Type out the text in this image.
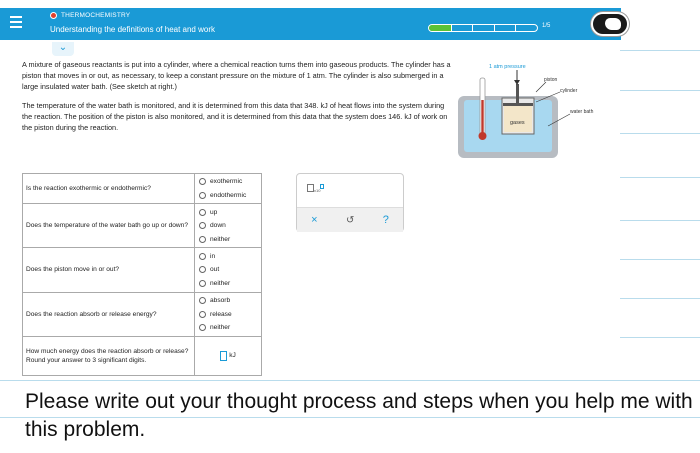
THERMOCHEMISTRY
Understanding the definitions of heat and work	1/5
⌄
A mixture of gaseous reactants is put into a cylinder, where a chemical reaction turns them into gaseous products. The cylinder has a piston that moves in or out, as necessary, to keep a constant pressure on the mixture of 1 atm. The cylinder is also submerged in a large insulated water bath. (See sketch at right.)
The temperature of the water bath is monitored, and it is determined from this data that 348. kJ of heat flows into the system during the reaction. The position of the piston is also monitored, and it is determined from this data that the system does 146. kJ of work on the piston during the reaction.
1 atm pressure
piston
cylinder
water bath
gases
Is the reaction exothermic or endothermic?	exothermic
endothermic

Does the temperature of the water bath go up or down?	up
down
neither

Does the piston move in or out?	in
out
neither

Does the reaction absorb or release energy?	absorb
release
neither

How much energy does the reaction absorb or release? Round your answer to 3 significant digits.	kJ
x10
×	↺	?
Please write out your thought process and steps when you help me with this problem.
